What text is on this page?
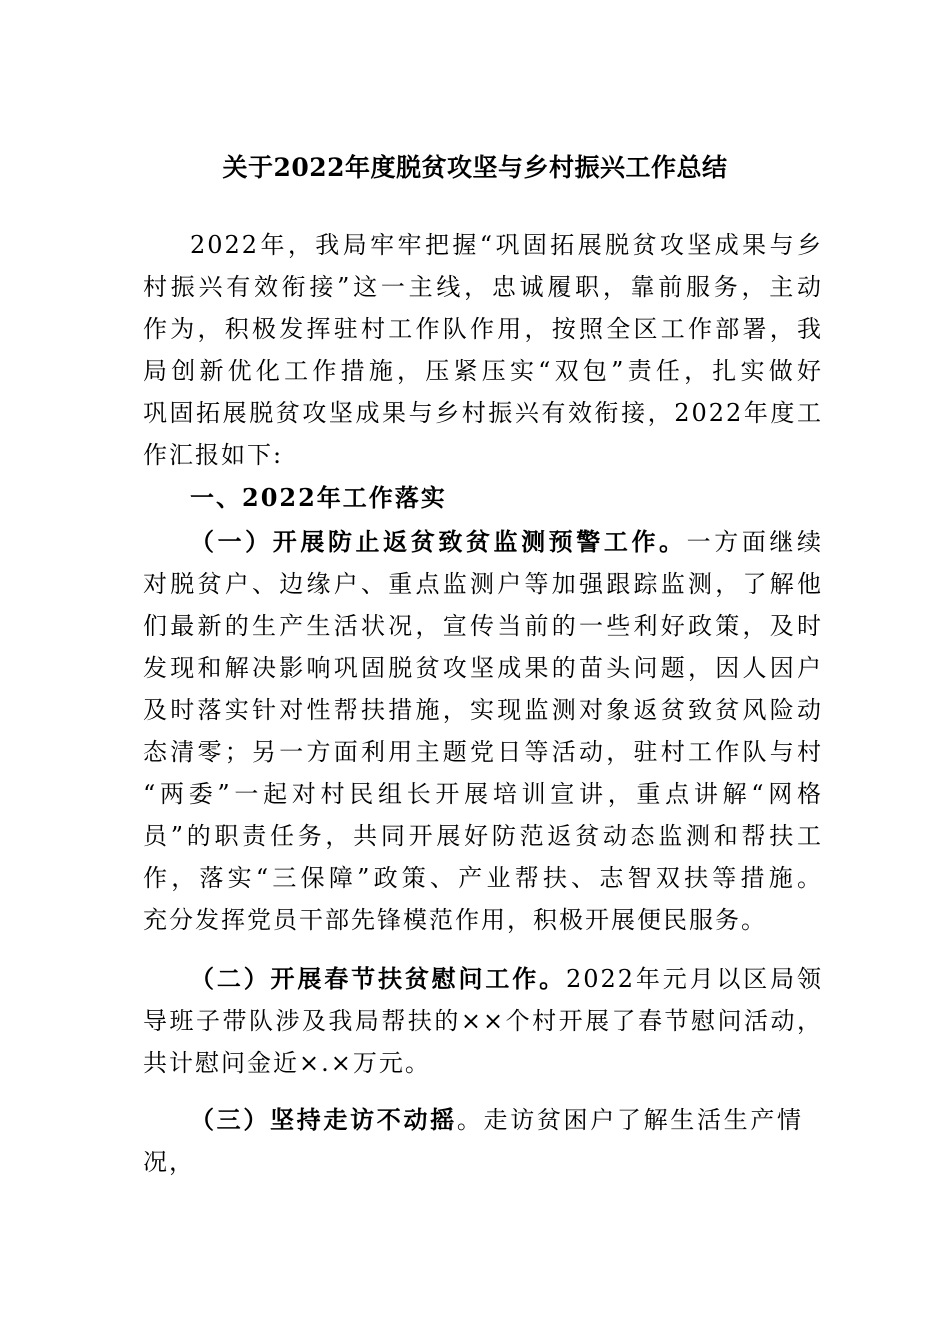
关于2022年度脱贫攻坚与乡村振兴工作总结
2022年，我局牢牢把握“巩固拓展脱贫攻坚成果与乡
村振兴有效衔接”这一主线，忠诚履职，靠前服务，主动
作为，积极发挥驻村工作队作用，按照全区工作部署，我
局创新优化工作措施，压紧压实“双包”责任，扎实做好
巩固拓展脱贫攻坚成果与乡村振兴有效衔接，2022年度工
作汇报如下:
一、2022年工作落实
（一）开展防止返贫致贫监测预警工作。一方面继续
对脱贫户、边缘户、重点监测户等加强跟踪监测，了解他
们最新的生产生活状况，宣传当前的一些利好政策，及时
发现和解决影响巩固脱贫攻坚成果的苗头问题，因人因户
及时落实针对性帮扶措施，实现监测对象返贫致贫风险动
态清零；另一方面利用主题党日等活动，驻村工作队与村
“两委”一起对村民组长开展培训宣讲，重点讲解“网格
员”的职责任务，共同开展好防范返贫动态监测和帮扶工
作，落实“三保障”政策、产业帮扶、志智双扶等措施。
充分发挥党员干部先锋模范作用，积极开展便民服务。
（二）开展春节扶贫慰问工作。2022年元月以区局领
导班子带队涉及我局帮扶的××个村开展了春节慰问活动，
共计慰问金近×.×万元。
（三）坚持走访不动摇。走访贫困户了解生活生产情
况，
